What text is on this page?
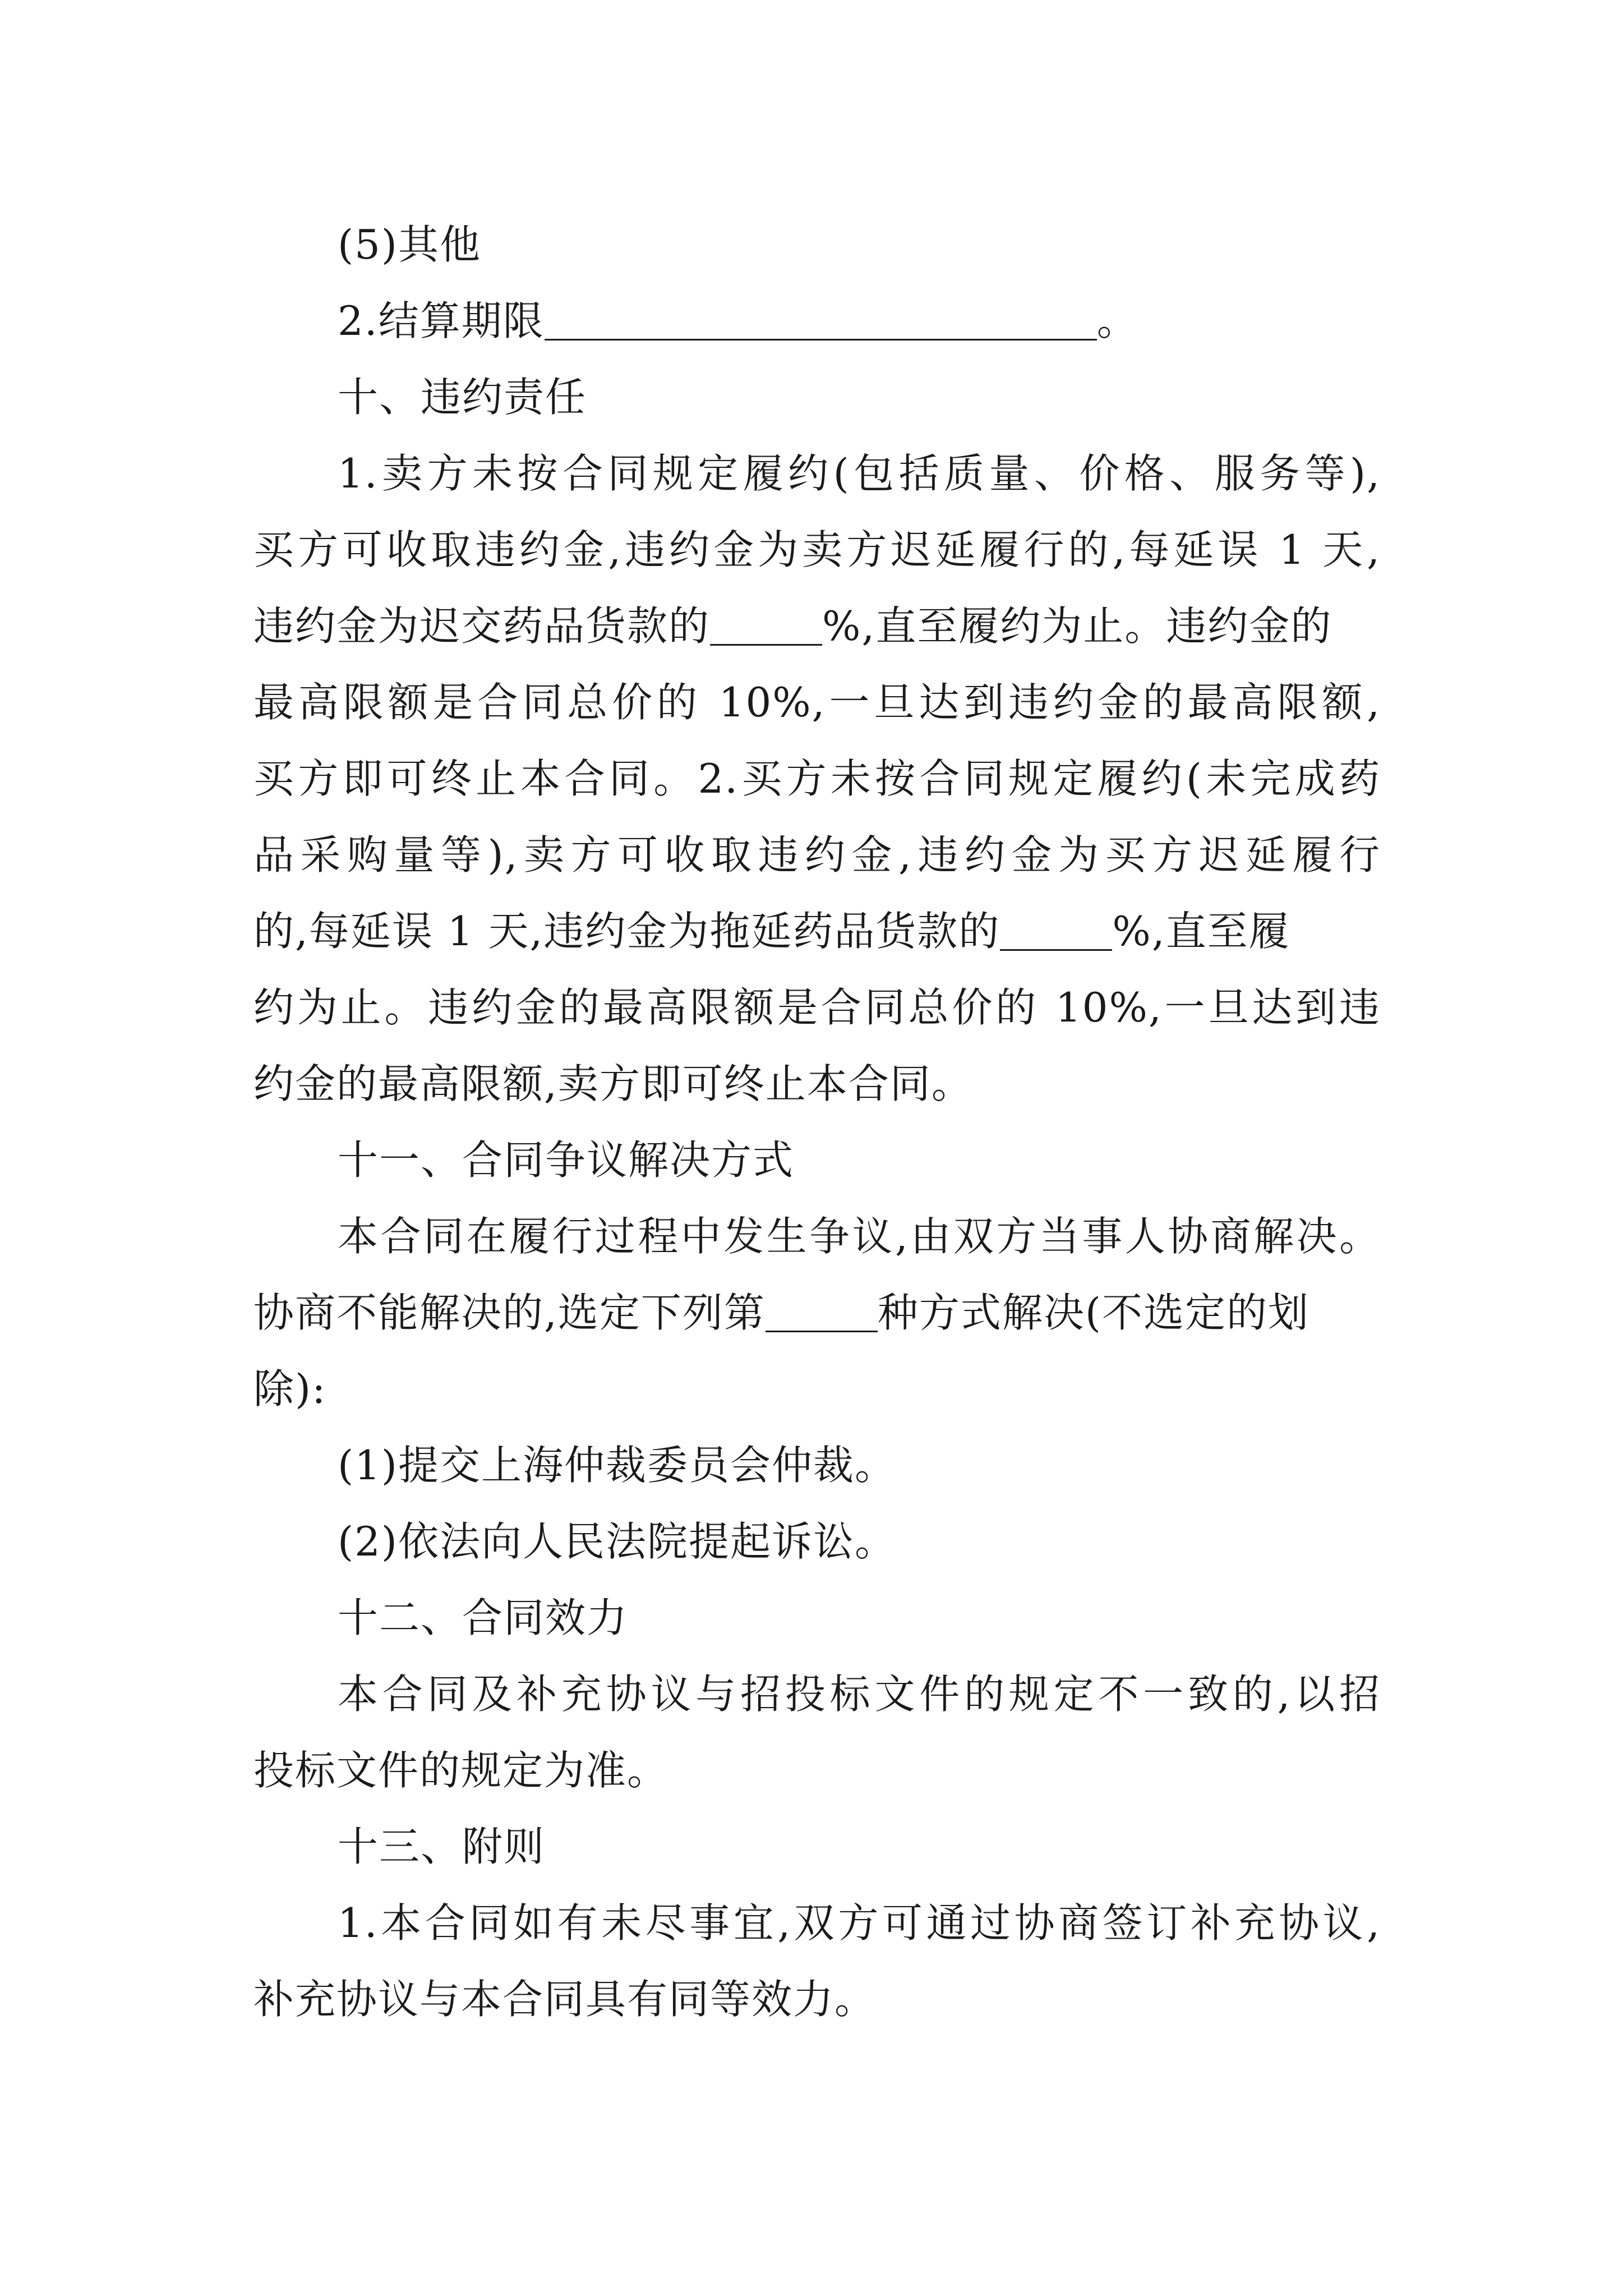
(5)其他
2.结算期限	。
十、违约责任
1.卖方未按合同规定履约(包括质量、价格、服务等),
买方可收取违约金,违约金为卖方迟延履行的,每延误 1 天,
违约金为迟交药品货款的	%,直至履约为止。违约金的
最高限额是合同总价的 10%,一旦达到违约金的最高限额,
买方即可终止本合同。2.买方未按合同规定履约(未完成药
品采购量等),卖方可收取违约金,违约金为买方迟延履行
的,每延误 1 天,违约金为拖延药品货款的	%,直至履
约为止。违约金的最高限额是合同总价的 10%,一旦达到违
约金的最高限额,卖方即可终止本合同。
十一、合同争议解决方式
本合同在履行过程中发生争议,由双方当事人协商解决。
协商不能解决的,选定下列第	种方式解决(不选定的划
除):
(1)提交上海仲裁委员会仲裁。
(2)依法向人民法院提起诉讼。
十二、合同效力
本合同及补充协议与招投标文件的规定不一致的,以招
投标文件的规定为准。
十三、附则
1.本合同如有未尽事宜,双方可通过协商签订补充协议,
补充协议与本合同具有同等效力。
